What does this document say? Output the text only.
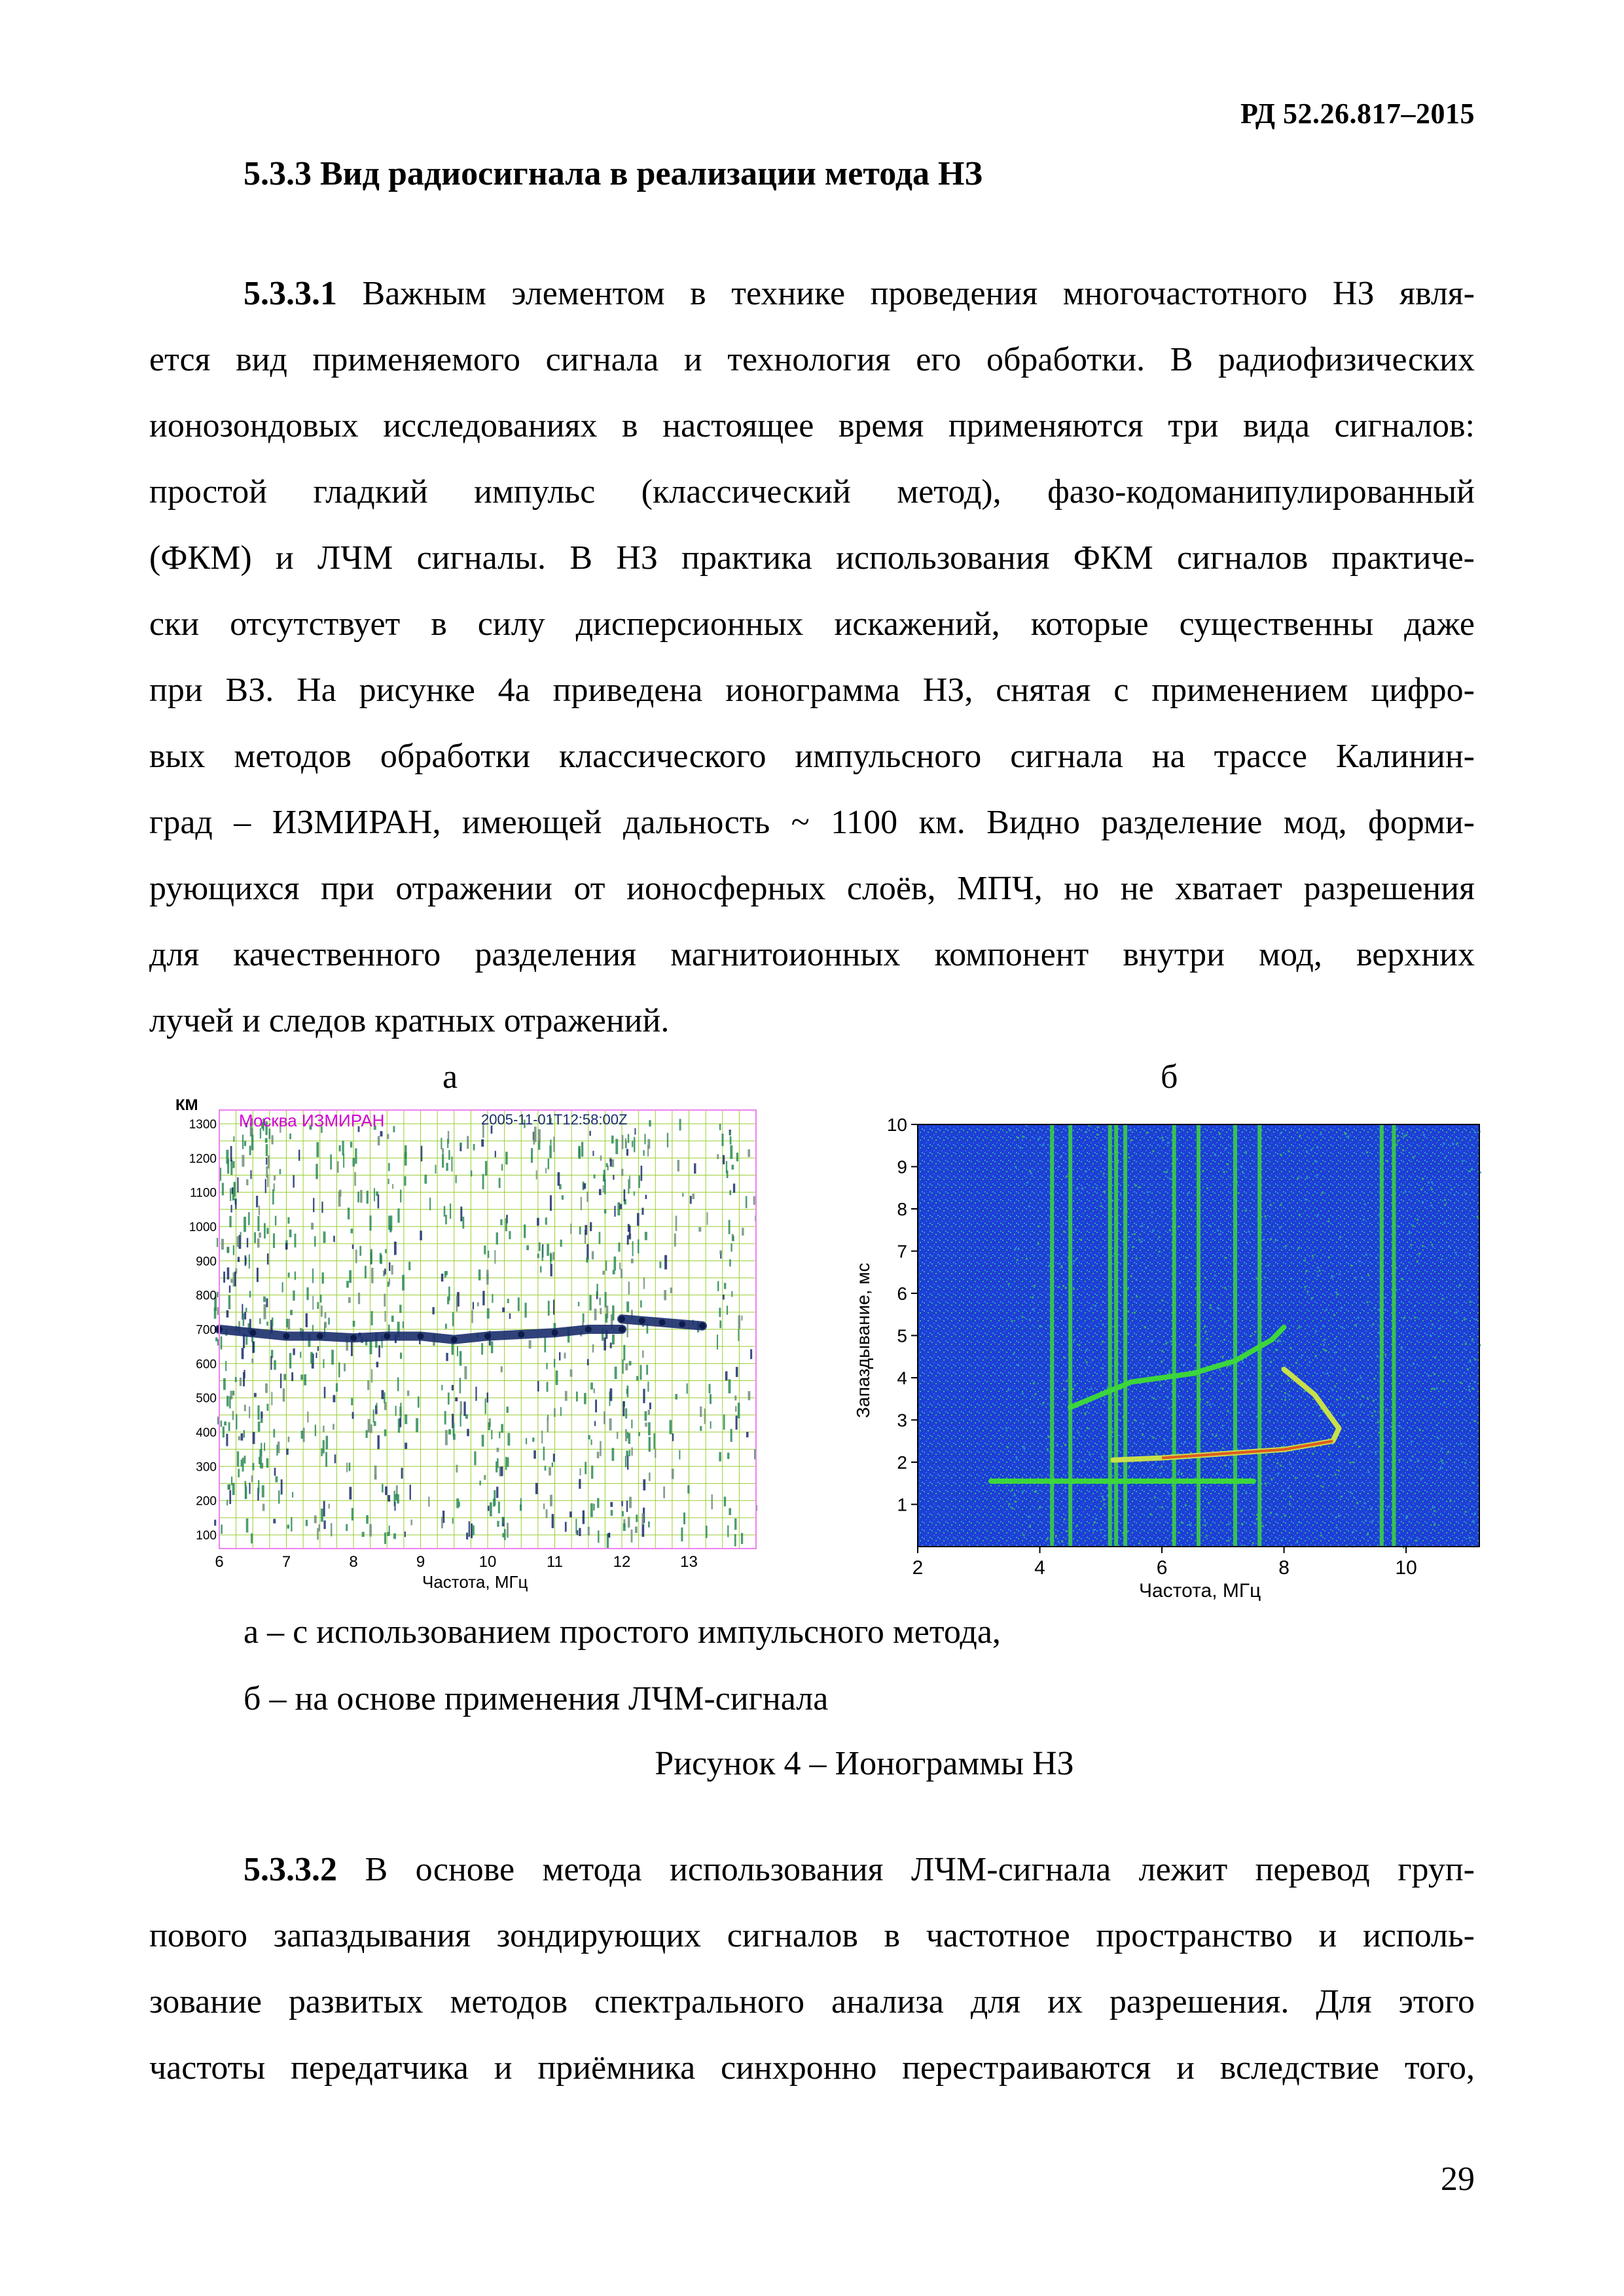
РД 52.26.817–2015
5.3.3 Вид радиосигнала в реализации метода НЗ
5.3.3.1 Важным элементом в технике проведения многочастотного НЗ явля-
ется вид применяемого сигнала и технология его обработки. В радиофизических
ионозондовых исследованиях в настоящее время применяются три вида сигналов:
простой гладкий импульс (классический метод), фазо-кодоманипулированный
(ФКМ) и ЛЧМ сигналы. В НЗ практика использования ФКМ сигналов практиче-
ски отсутствует в силу дисперсионных искажений, которые существенны даже
при ВЗ. На рисунке 4а приведена ионограмма НЗ, снятая с применением цифро-
вых методов обработки классического импульсного сигнала на трассе Калинин-
град – ИЗМИРАН, имеющей дальность ~ 1100 км. Видно разделение мод, форми-
рующихся при отражении от ионосферных слоёв, МПЧ, но не хватает разрешения
для качественного разделения магнитоионных компонент внутри мод, верхних
лучей и следов кратных отражений.
а	б
КМ
Москва ИЗМИРАН	2005-11-01T12:58:00Z
100
200
300
400
500
600
700
800
900
1000
1100
1200
1300
6	7	8	9	10	11	12	13
Частота, МГц
1
2
3
4
5
6
7
8
9
10
2	4	6	8	10
Запаздывание, мс
Частота, МГц
а – с использованием простого импульсного метода,
б – на основе применения ЛЧМ-сигнала
Рисунок 4 – Ионограммы НЗ
5.3.3.2 В основе метода использования ЛЧМ-сигнала лежит перевод груп-
пового запаздывания зондирующих сигналов в частотное пространство и исполь-
зование развитых методов спектрального анализа для их разрешения. Для этого
частоты передатчика и приёмника синхронно перестраиваются и вследствие того,
29
